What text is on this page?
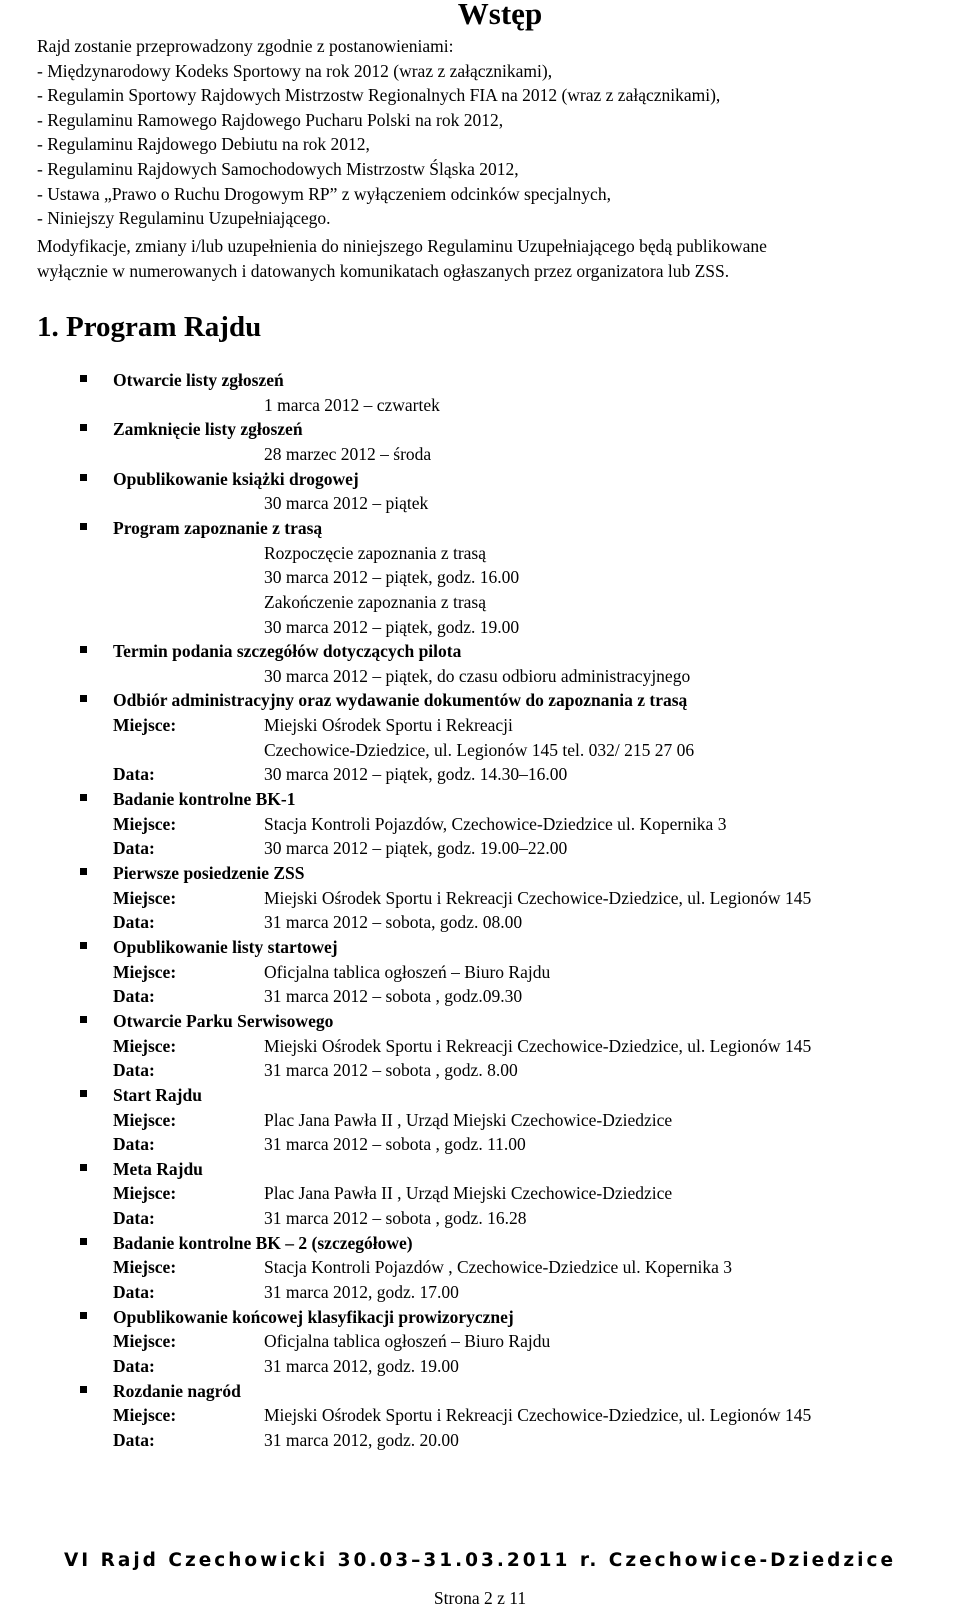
Wstęp
Rajd zostanie przeprowadzony zgodnie z postanowieniami:
- Międzynarodowy Kodeks Sportowy na rok 2012 (wraz z załącznikami),
- Regulamin Sportowy Rajdowych Mistrzostw Regionalnych FIA na 2012 (wraz z załącznikami),
- Regulaminu Ramowego Rajdowego Pucharu Polski na rok 2012,
- Regulaminu Rajdowego Debiutu na rok 2012,
- Regulaminu Rajdowych Samochodowych Mistrzostw Śląska 2012,
- Ustawa „Prawo o Ruchu Drogowym RP” z wyłączeniem odcinków specjalnych,
- Niniejszy Regulaminu Uzupełniającego.
Modyfikacje, zmiany i/lub uzupełnienia do niniejszego Regulaminu Uzupełniającego będą publikowane
wyłącznie w numerowanych i datowanych komunikatach ogłaszanych przez organizatora lub ZSS.
1. Program Rajdu
Otwarcie listy zgłoszeń
1 marca 2012 – czwartek
Zamknięcie listy zgłoszeń
28 marzec 2012 – środa
Opublikowanie książki drogowej
30 marca 2012 – piątek
Program zapoznanie z trasą
Rozpoczęcie zapoznania z trasą
30 marca 2012 – piątek, godz. 16.00
Zakończenie zapoznania z trasą
30 marca 2012 – piątek, godz. 19.00
Termin podania szczegółów dotyczących pilota
30 marca 2012 – piątek, do czasu odbioru administracyjnego
Odbiór administracyjny oraz wydawanie dokumentów do zapoznania z trasą
Miejsce:	Miejski Ośrodek Sportu i Rekreacji
Czechowice-Dziedzice, ul. Legionów 145 tel. 032/ 215 27 06
Data:	30 marca 2012 – piątek, godz. 14.30–16.00
Badanie kontrolne BK-1
Miejsce:	Stacja Kontroli Pojazdów, Czechowice-Dziedzice ul. Kopernika 3
Data:	30 marca 2012 – piątek, godz. 19.00–22.00
Pierwsze posiedzenie ZSS
Miejsce:	Miejski Ośrodek Sportu i Rekreacji Czechowice-Dziedzice, ul. Legionów 145
Data:	31 marca 2012 – sobota, godz. 08.00
Opublikowanie listy startowej
Miejsce:	Oficjalna tablica ogłoszeń – Biuro Rajdu
Data:	31 marca 2012 – sobota , godz.09.30
Otwarcie Parku Serwisowego
Miejsce:	Miejski Ośrodek Sportu i Rekreacji Czechowice-Dziedzice, ul. Legionów 145
Data:	31 marca 2012 – sobota , godz. 8.00
Start Rajdu
Miejsce:	Plac Jana Pawła II , Urząd Miejski Czechowice-Dziedzice
Data:	31 marca 2012 – sobota , godz. 11.00
Meta Rajdu
Miejsce:	Plac Jana Pawła II , Urząd Miejski Czechowice-Dziedzice
Data:	31 marca 2012 – sobota , godz. 16.28
Badanie kontrolne BK – 2 (szczegółowe)
Miejsce:	Stacja Kontroli Pojazdów , Czechowice-Dziedzice ul. Kopernika 3
Data:	31 marca 2012, godz. 17.00
Opublikowanie końcowej klasyfikacji prowizorycznej
Miejsce:	Oficjalna tablica ogłoszeń – Biuro Rajdu
Data:	31 marca 2012, godz. 19.00
Rozdanie nagród
Miejsce:	Miejski Ośrodek Sportu i Rekreacji Czechowice-Dziedzice, ul. Legionów 145
Data:	31 marca 2012, godz. 20.00
VI Rajd Czechowicki 30.03–31.03.2011 r. Czechowice-Dziedzice
Strona 2 z 11
